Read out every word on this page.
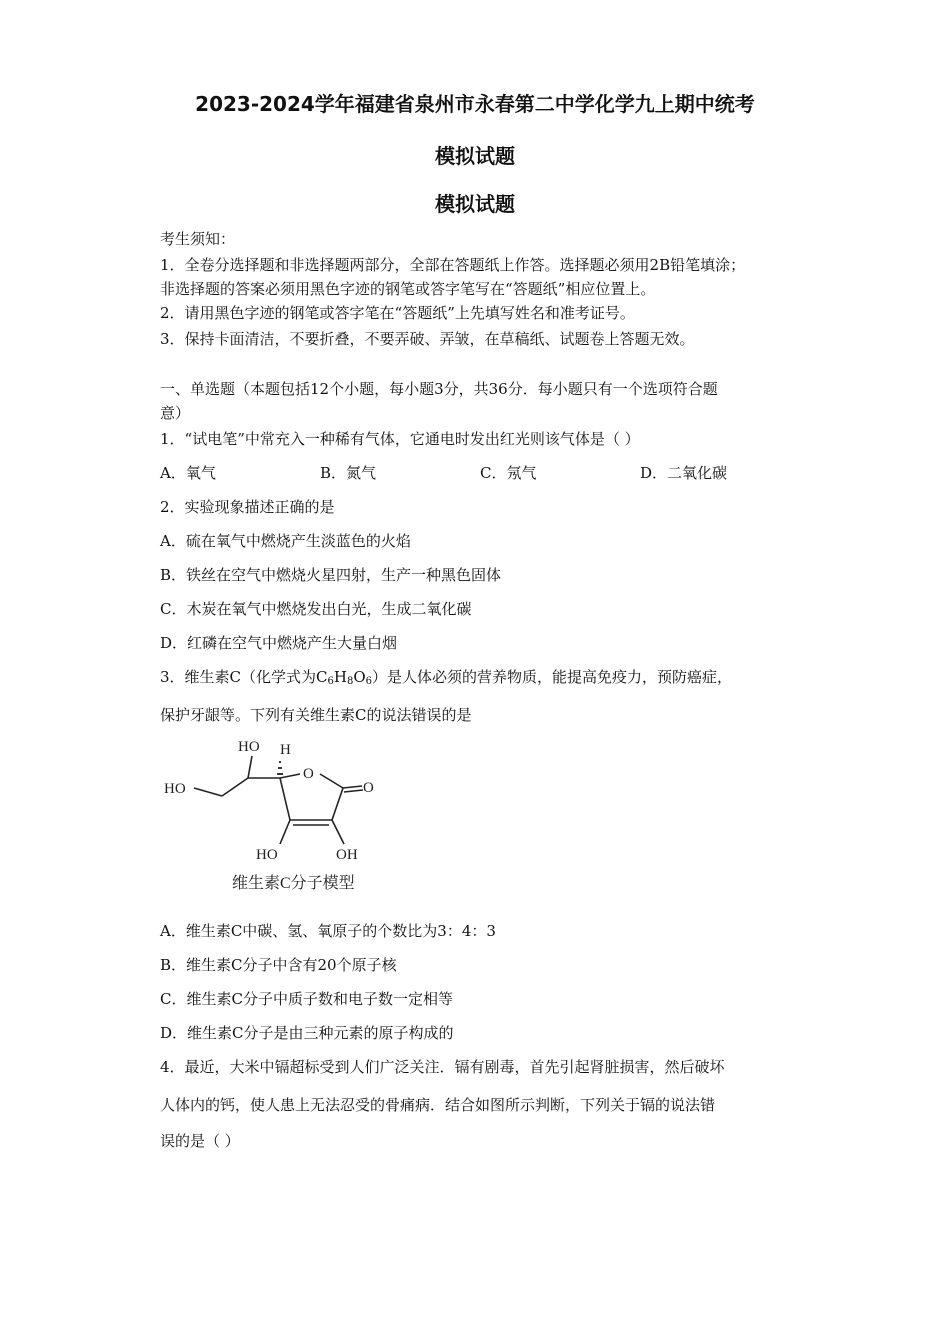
2023-2024学年福建省泉州市永春第二中学化学九上期中统考
模拟试题
模拟试题
考生须知：
1．全卷分选择题和非选择题两部分，全部在答题纸上作答。选择题必须用2B铅笔填涂；
非选择题的答案必须用黑色字迹的钢笔或答字笔写在“答题纸”相应位置上。
2．请用黑色字迹的钢笔或答字笔在“答题纸”上先填写姓名和准考证号。
3．保持卡面清洁，不要折叠，不要弄破、弄皱，在草稿纸、试题卷上答题无效。
一、单选题（本题包括12个小题，每小题3分，共36分．每小题只有一个选项符合题
意）
1．“试电笔”中常充入一种稀有气体，它通电时发出红光则该气体是（ ）
A．氧气	B．氮气	C．氖气	D．二氧化碳
2．实验现象描述正确的是
A．硫在氧气中燃烧产生淡蓝色的火焰
B．铁丝在空气中燃烧火星四射，生产一种黑色固体
C．木炭在氧气中燃烧发出白光，生成二氧化碳
D．红磷在空气中燃烧产生大量白烟
3．维生素C（化学式为$C_6H_8O_6$）是人体必须的营养物质，能提高免疫力，预防癌症，
保护牙龈等。下列有关维生素C的说法错误的是
HO
H
HO
O
O
HO	OH
维生素C分子模型
A．维生素C中碳、氢、氧原子的个数比为3：4：3
B．维生素C分子中含有20个原子核
C．维生素C分子中质子数和电子数一定相等
D．维生素C分子是由三种元素的原子构成的
4．最近，大米中镉超标受到人们广泛关注．镉有剧毒，首先引起肾脏损害，然后破坏
人体内的钙，使人患上无法忍受的骨痛病．结合如图所示判断，下列关于镉的说法错
误的是（ ）
